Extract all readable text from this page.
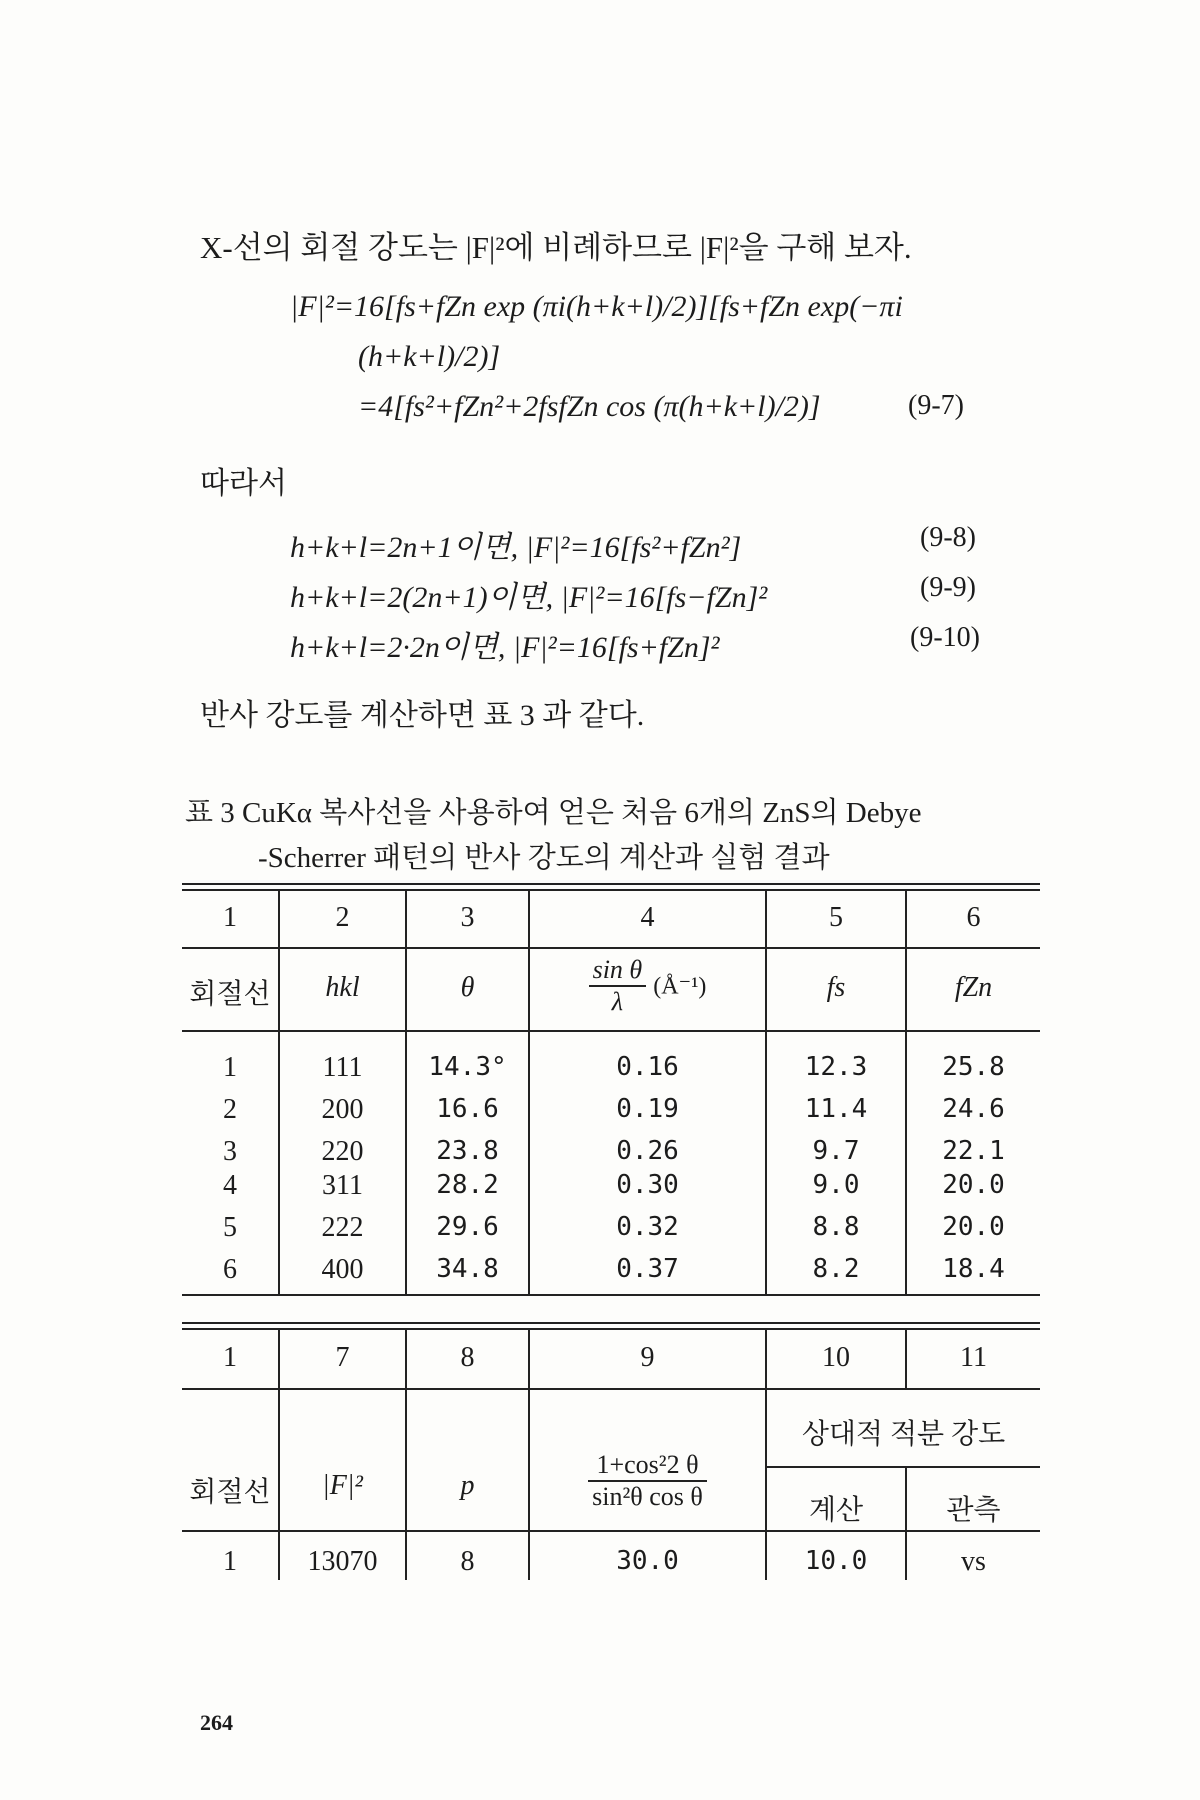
X-선의 회절 강도는 |F|²에 비례하므로 |F|²을 구해 보자.
|F|²=16[fs+fZn exp (πi(h+k+l)/2)][fs+fZn exp(−πi
(h+k+l)/2)]
=4[fs²+fZn²+2fsfZn cos (π(h+k+l)/2)]	(9-7)
따라서
h+k+l=2n+1이면, |F|²=16[fs²+fZn²]	(9-8)
h+k+l=2(2n+1)이면, |F|²=16[fs−fZn]²	(9-9)
h+k+l=2·2n이면, |F|²=16[fs+fZn]²	(9-10)
반사 강도를 계산하면 표 3 과 같다.
표 3 CuKα 복사선을 사용하여 얻은 처음 6개의 ZnS의 Debye
-Scherrer 패턴의 반사 강도의 계산과 실험 결과
1	2	3	4	5	6
회절선	hkl	θ	$\frac{\text{sin θ}}{\lambda}$ (Å⁻¹)	fs	fZn
1	111	14.3°	0.16	12.3	25.8
2	200	16.6	0.19	11.4	24.6
3	220	23.8	0.26	9.7	22.1
4	311	28.2	0.30	9.0	20.0
5	222	29.6	0.32	8.8	20.0
6	400	34.8	0.37	8.2	18.4
1	7	8	9	10	11
상대적 적분 강도
회절선	|F|²	p	$\frac{\text{1+cos²2 θ}}{\text{sin²θ cos θ}}$	계산	관측
1	13070	8	30.0	10.0	vs
264
